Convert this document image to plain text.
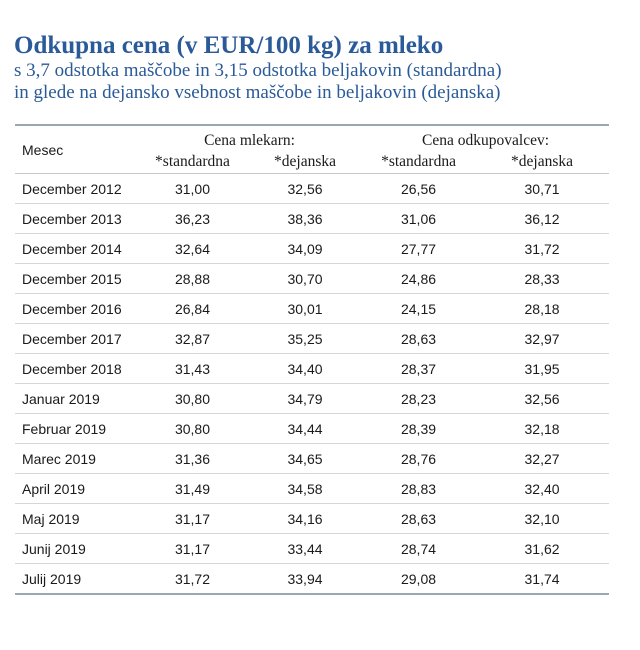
Odkupna cena (v EUR/100 kg) za mleko
s 3,7 odstotka maščobe in 3,15 odstotka beljakovin (standardna)
in glede na dejansko vsebnost maščobe in beljakovin (dejanska)
Mesec	Cena mlekarn:		Cena odkupovalcev:	
	*standardna	*dejanska	*standardna	*dejanska
December 2012	31,00	32,56	26,56	30,71
December 2013	36,23	38,36	31,06	36,12
December 2014	32,64	34,09	27,77	31,72
December 2015	28,88	30,70	24,86	28,33
December 2016	26,84	30,01	24,15	28,18
December 2017	32,87	35,25	28,63	32,97
December 2018	31,43	34,40	28,37	31,95
Januar 2019	30,80	34,79	28,23	32,56
Februar 2019	30,80	34,44	28,39	32,18
Marec 2019	31,36	34,65	28,76	32,27
April 2019	31,49	34,58	28,83	32,40
Maj 2019	31,17	34,16	28,63	32,10
Junij 2019	31,17	33,44	28,74	31,62
Julij 2019	31,72	33,94	29,08	31,74
